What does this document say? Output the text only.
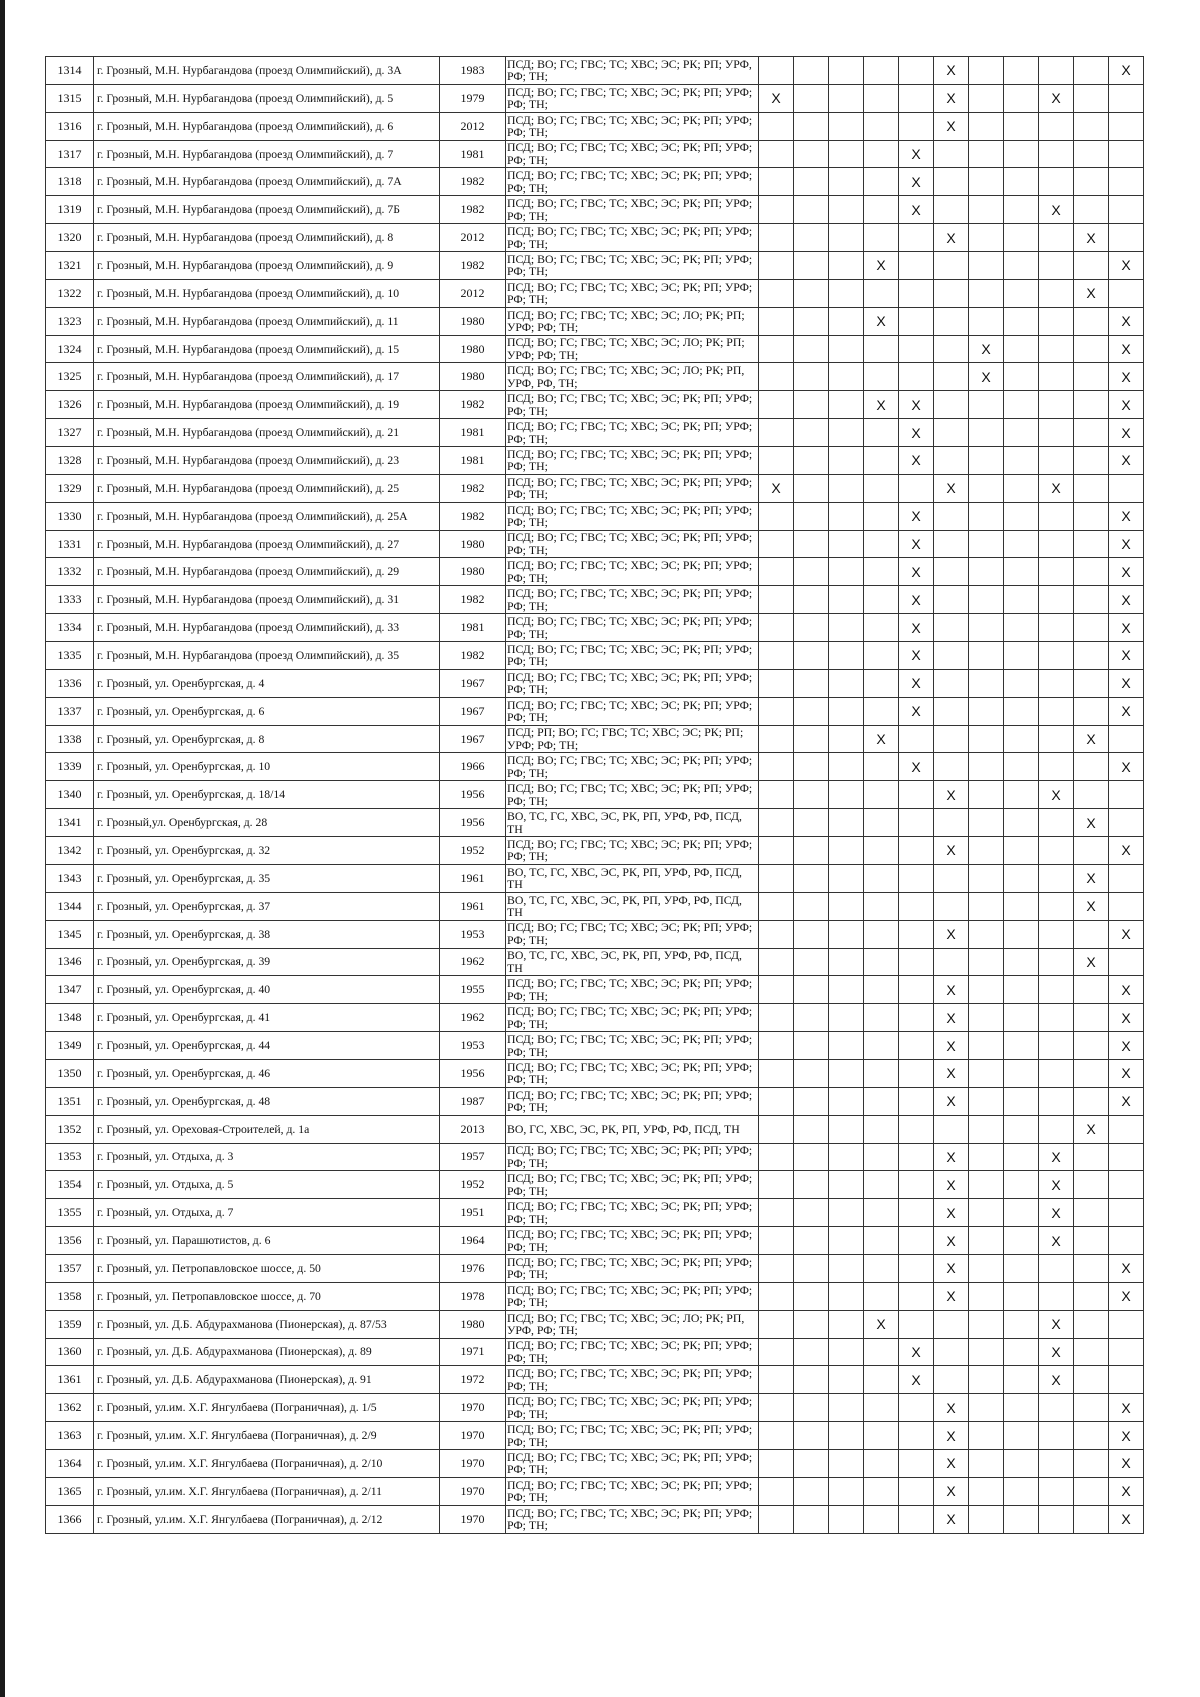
1314	г. Грозный, М.Н. Нурбагандова (проезд Олимпийский), д. 3А	1983	ПСД; ВО; ГС; ГВС; ТС; ХВС; ЭС; РК; РП; УРФ, РФ; ТН;						X					X
1315	г. Грозный, М.Н. Нурбагандова (проезд Олимпийский), д. 5	1979	ПСД; ВО; ГС; ГВС; ТС; ХВС; ЭС; РК; РП; УРФ; РФ; ТН;	X					X			X		
1316	г. Грозный, М.Н. Нурбагандова (проезд Олимпийский), д. 6	2012	ПСД; ВО; ГС; ГВС; ТС; ХВС; ЭС; РК; РП; УРФ; РФ; ТН;						X					
1317	г. Грозный, М.Н. Нурбагандова (проезд Олимпийский), д. 7	1981	ПСД; ВО; ГС; ГВС; ТС; ХВС; ЭС; РК; РП; УРФ; РФ; ТН;					X						
1318	г. Грозный, М.Н. Нурбагандова (проезд Олимпийский), д. 7А	1982	ПСД; ВО; ГС; ГВС; ТС; ХВС; ЭС; РК; РП; УРФ; РФ; ТН;					X						
1319	г. Грозный, М.Н. Нурбагандова (проезд Олимпийский), д. 7Б	1982	ПСД; ВО; ГС; ГВС; ТС; ХВС; ЭС; РК; РП; УРФ; РФ; ТН;					X				X		
1320	г. Грозный, М.Н. Нурбагандова (проезд Олимпийский), д. 8	2012	ПСД; ВО; ГС; ГВС; ТС; ХВС; ЭС; РК; РП; УРФ; РФ; ТН;						X				X	
1321	г. Грозный, М.Н. Нурбагандова (проезд Олимпийский), д. 9	1982	ПСД; ВО; ГС; ГВС; ТС; ХВС; ЭС; РК; РП; УРФ; РФ; ТН;				X							X
1322	г. Грозный, М.Н. Нурбагандова (проезд Олимпийский), д. 10	2012	ПСД; ВО; ГС; ГВС; ТС; ХВС; ЭС; РК; РП; УРФ; РФ; ТН;										X	
1323	г. Грозный, М.Н. Нурбагандова (проезд Олимпийский), д. 11	1980	ПСД; ВО; ГС; ГВС; ТС; ХВС; ЭС; ЛО; РК; РП; УРФ; РФ; ТН;				X							X
1324	г. Грозный, М.Н. Нурбагандова (проезд Олимпийский), д. 15	1980	ПСД; ВО; ГС; ГВС; ТС; ХВС; ЭС; ЛО; РК; РП; УРФ; РФ; ТН;							X				X
1325	г. Грозный, М.Н. Нурбагандова (проезд Олимпийский), д. 17	1980	ПСД; ВО; ГС; ГВС; ТС; ХВС; ЭС; ЛО; РК; РП, УРФ, РФ, ТН;							X				X
1326	г. Грозный, М.Н. Нурбагандова (проезд Олимпийский), д. 19	1982	ПСД; ВО; ГС; ГВС; ТС; ХВС; ЭС; РК; РП; УРФ; РФ; ТН;				X	X						X
1327	г. Грозный, М.Н. Нурбагандова (проезд Олимпийский), д. 21	1981	ПСД; ВО; ГС; ГВС; ТС; ХВС; ЭС; РК; РП; УРФ; РФ; ТН;					X						X
1328	г. Грозный, М.Н. Нурбагандова (проезд Олимпийский), д. 23	1981	ПСД; ВО; ГС; ГВС; ТС; ХВС; ЭС; РК; РП; УРФ; РФ; ТН;					X						X
1329	г. Грозный, М.Н. Нурбагандова (проезд Олимпийский), д. 25	1982	ПСД; ВО; ГС; ГВС; ТС; ХВС; ЭС; РК; РП; УРФ; РФ; ТН;	X					X			X		
1330	г. Грозный, М.Н. Нурбагандова (проезд Олимпийский), д. 25А	1982	ПСД; ВО; ГС; ГВС; ТС; ХВС; ЭС; РК; РП; УРФ; РФ; ТН;					X						X
1331	г. Грозный, М.Н. Нурбагандова (проезд Олимпийский), д. 27	1980	ПСД; ВО; ГС; ГВС; ТС; ХВС; ЭС; РК; РП; УРФ; РФ; ТН;					X						X
1332	г. Грозный, М.Н. Нурбагандова (проезд Олимпийский), д. 29	1980	ПСД; ВО; ГС; ГВС; ТС; ХВС; ЭС; РК; РП; УРФ; РФ; ТН;					X						X
1333	г. Грозный, М.Н. Нурбагандова (проезд Олимпийский), д. 31	1982	ПСД; ВО; ГС; ГВС; ТС; ХВС; ЭС; РК; РП; УРФ; РФ; ТН;					X						X
1334	г. Грозный, М.Н. Нурбагандова (проезд Олимпийский), д. 33	1981	ПСД; ВО; ГС; ГВС; ТС; ХВС; ЭС; РК; РП; УРФ; РФ; ТН;					X						X
1335	г. Грозный, М.Н. Нурбагандова (проезд Олимпийский), д. 35	1982	ПСД; ВО; ГС; ГВС; ТС; ХВС; ЭС; РК; РП; УРФ; РФ; ТН;					X						X
1336	г. Грозный, ул. Оренбургская, д. 4	1967	ПСД; ВО; ГС; ГВС; ТС; ХВС; ЭС; РК; РП; УРФ; РФ; ТН;					X						X
1337	г. Грозный, ул. Оренбургская, д. 6	1967	ПСД; ВО; ГС; ГВС; ТС; ХВС; ЭС; РК; РП; УРФ; РФ; ТН;					X						X
1338	г. Грозный, ул. Оренбургская, д. 8	1967	ПСД; РП; ВО; ГС; ГВС; ТС; ХВС; ЭС; РК; РП; УРФ; РФ; ТН;				X						X	
1339	г. Грозный, ул. Оренбургская, д. 10	1966	ПСД; ВО; ГС; ГВС; ТС; ХВС; ЭС; РК; РП; УРФ; РФ; ТН;					X						X
1340	г. Грозный, ул. Оренбургская, д. 18/14	1956	ПСД; ВО; ГС; ГВС; ТС; ХВС; ЭС; РК; РП; УРФ; РФ; ТН;						X			X		
1341	г. Грозный,ул. Оренбургская, д. 28	1956	ВО, ТС, ГС, ХВС, ЭС, РК, РП, УРФ, РФ, ПСД, ТН										X	
1342	г. Грозный, ул. Оренбургская, д. 32	1952	ПСД; ВО; ГС; ГВС; ТС; ХВС; ЭС; РК; РП; УРФ; РФ; ТН;						X					X
1343	г. Грозный, ул. Оренбургская, д. 35	1961	ВО, ТС, ГС, ХВС, ЭС, РК, РП, УРФ, РФ, ПСД, ТН										X	
1344	г. Грозный, ул. Оренбургская, д. 37	1961	ВО, ТС, ГС, ХВС, ЭС, РК, РП, УРФ, РФ, ПСД, ТН										X	
1345	г. Грозный, ул. Оренбургская, д. 38	1953	ПСД; ВО; ГС; ГВС; ТС; ХВС; ЭС; РК; РП; УРФ; РФ; ТН;						X					X
1346	г. Грозный, ул. Оренбургская, д. 39	1962	ВО, ТС, ГС, ХВС, ЭС, РК, РП, УРФ, РФ, ПСД, ТН										X	
1347	г. Грозный, ул. Оренбургская, д. 40	1955	ПСД; ВО; ГС; ГВС; ТС; ХВС; ЭС; РК; РП; УРФ; РФ; ТН;						X					X
1348	г. Грозный, ул. Оренбургская, д. 41	1962	ПСД; ВО; ГС; ГВС; ТС; ХВС; ЭС; РК; РП; УРФ; РФ; ТН;						X					X
1349	г. Грозный, ул. Оренбургская, д. 44	1953	ПСД; ВО; ГС; ГВС; ТС; ХВС; ЭС; РК; РП; УРФ; РФ; ТН;						X					X
1350	г. Грозный, ул. Оренбургская, д. 46	1956	ПСД; ВО; ГС; ГВС; ТС; ХВС; ЭС; РК; РП; УРФ; РФ; ТН;						X					X
1351	г. Грозный, ул. Оренбургская, д. 48	1987	ПСД; ВО; ГС; ГВС; ТС; ХВС; ЭС; РК; РП; УРФ; РФ; ТН;						X					X
1352	г. Грозный, ул. Ореховая-Строителей, д. 1а	2013	ВО, ГС, ХВС, ЭС, РК, РП, УРФ, РФ, ПСД, ТН										X	
1353	г. Грозный, ул. Отдыха, д. 3	1957	ПСД; ВО; ГС; ГВС; ТС; ХВС; ЭС; РК; РП; УРФ; РФ; ТН;						X			X		
1354	г. Грозный, ул. Отдыха, д. 5	1952	ПСД; ВО; ГС; ГВС; ТС; ХВС; ЭС; РК; РП; УРФ; РФ; ТН;						X			X		
1355	г. Грозный, ул. Отдыха, д. 7	1951	ПСД; ВО; ГС; ГВС; ТС; ХВС; ЭС; РК; РП; УРФ; РФ; ТН;						X			X		
1356	г. Грозный, ул. Парашютистов, д. 6	1964	ПСД; ВО; ГС; ГВС; ТС; ХВС; ЭС; РК; РП; УРФ; РФ; ТН;						X			X		
1357	г. Грозный, ул. Петропавловское шоссе, д. 50	1976	ПСД; ВО; ГС; ГВС; ТС; ХВС; ЭС; РК; РП; УРФ; РФ; ТН;						X					X
1358	г. Грозный, ул. Петропавловское шоссе, д. 70	1978	ПСД; ВО; ГС; ГВС; ТС; ХВС; ЭС; РК; РП; УРФ; РФ; ТН;						X					X
1359	г. Грозный, ул. Д.Б. Абдурахманова (Пионерская), д. 87/53	1980	ПСД; ВО; ГС; ГВС; ТС; ХВС; ЭС; ЛО; РК; РП, УРФ, РФ; ТН;				X					X		
1360	г. Грозный, ул. Д.Б. Абдурахманова (Пионерская), д. 89	1971	ПСД; ВО; ГС; ГВС; ТС; ХВС; ЭС; РК; РП; УРФ; РФ; ТН;					X				X		
1361	г. Грозный, ул. Д.Б. Абдурахманова (Пионерская), д. 91	1972	ПСД; ВО; ГС; ГВС; ТС; ХВС; ЭС; РК; РП; УРФ; РФ; ТН;					X				X		
1362	г. Грозный, ул.им. Х.Г. Янгулбаева (Пограничная), д. 1/5	1970	ПСД; ВО; ГС; ГВС; ТС; ХВС; ЭС; РК; РП; УРФ; РФ; ТН;						X					X
1363	г. Грозный, ул.им. Х.Г. Янгулбаева (Пограничная), д. 2/9	1970	ПСД; ВО; ГС; ГВС; ТС; ХВС; ЭС; РК; РП; УРФ; РФ; ТН;						X					X
1364	г. Грозный, ул.им. Х.Г. Янгулбаева (Пограничная), д. 2/10	1970	ПСД; ВО; ГС; ГВС; ТС; ХВС; ЭС; РК; РП; УРФ; РФ; ТН;						X					X
1365	г. Грозный, ул.им. Х.Г. Янгулбаева (Пограничная), д. 2/11	1970	ПСД; ВО; ГС; ГВС; ТС; ХВС; ЭС; РК; РП; УРФ; РФ; ТН;						X					X
1366	г. Грозный, ул.им. Х.Г. Янгулбаева (Пограничная), д. 2/12	1970	ПСД; ВО; ГС; ГВС; ТС; ХВС; ЭС; РК; РП; УРФ; РФ; ТН;						X					X
